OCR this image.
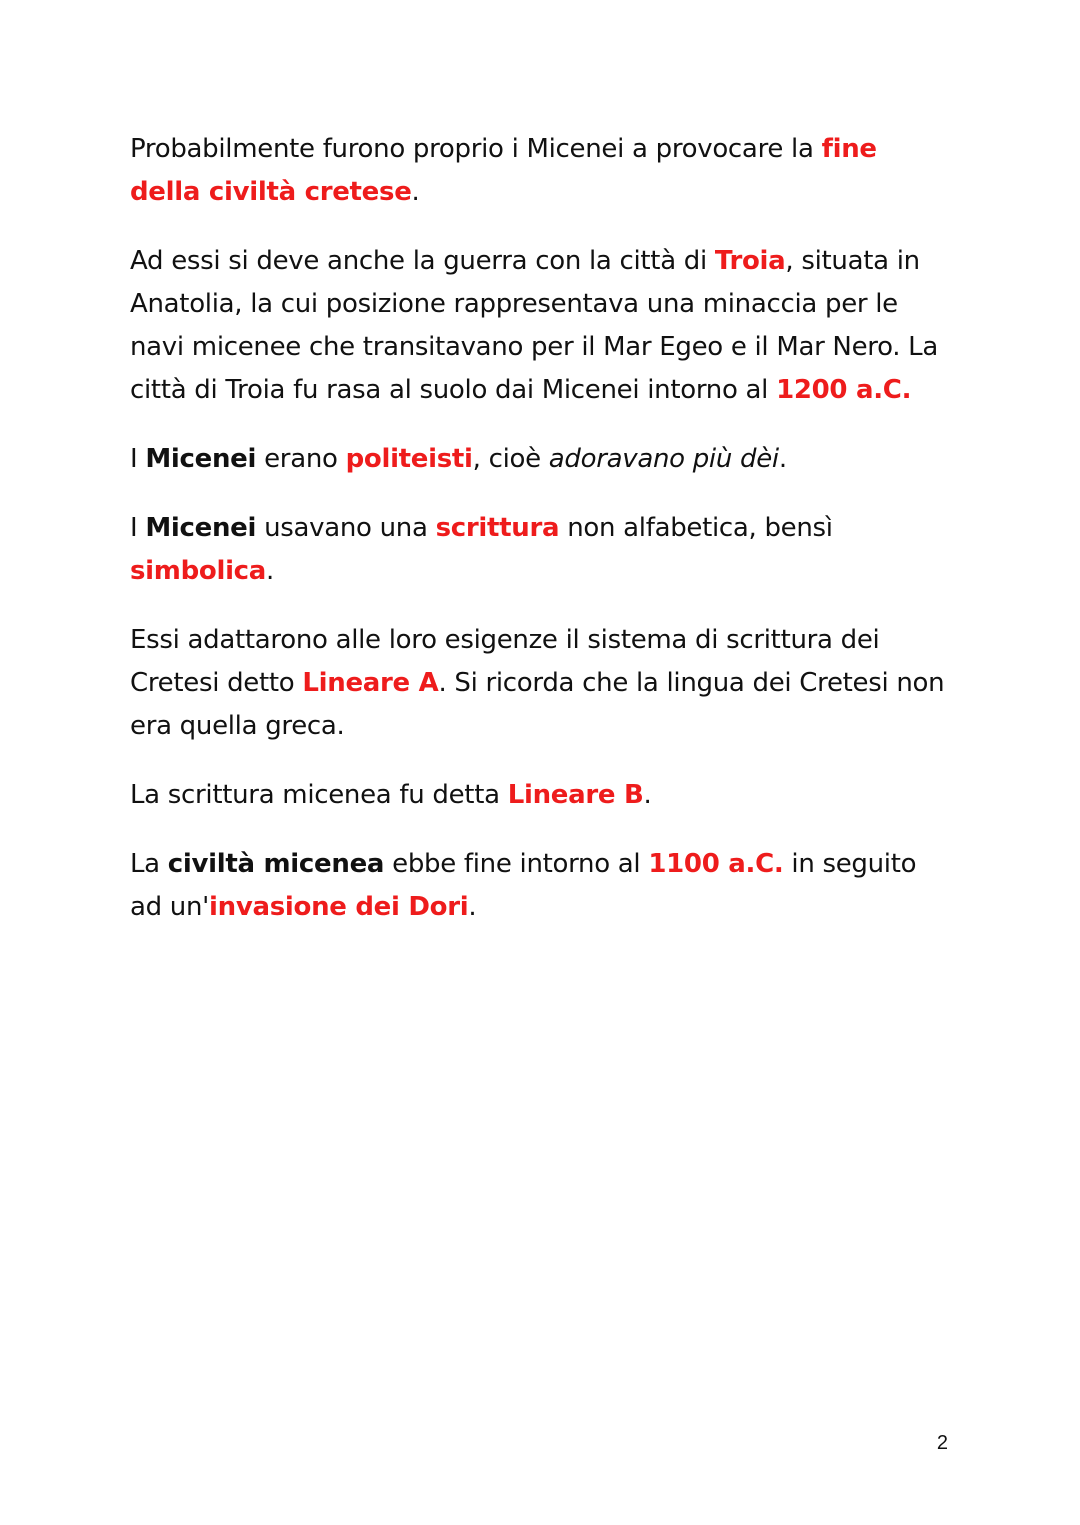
Probabilmente furono proprio i Micenei a provocare la fine della civiltà cretese.

Ad essi si deve anche la guerra con la città di Troia, situata in Anatolia, la cui posizione rappresentava una minaccia per le navi micenee che transitavano per il Mar Egeo e il Mar Nero. La città di Troia fu rasa al suolo dai Micenei intorno al 1200 a.C.

I Micenei erano politeisti, cioè adoravano più dèi.

I Micenei usavano una scrittura non alfabetica, bensì simbolica.

Essi adattarono alle loro esigenze il sistema di scrittura dei Cretesi detto Lineare A. Si ricorda che la lingua dei Cretesi non era quella greca.

La scrittura micenea fu detta Lineare B.

La civiltà micenea ebbe fine intorno al 1100 a.C. in seguito ad un'invasione dei Dori.

2
